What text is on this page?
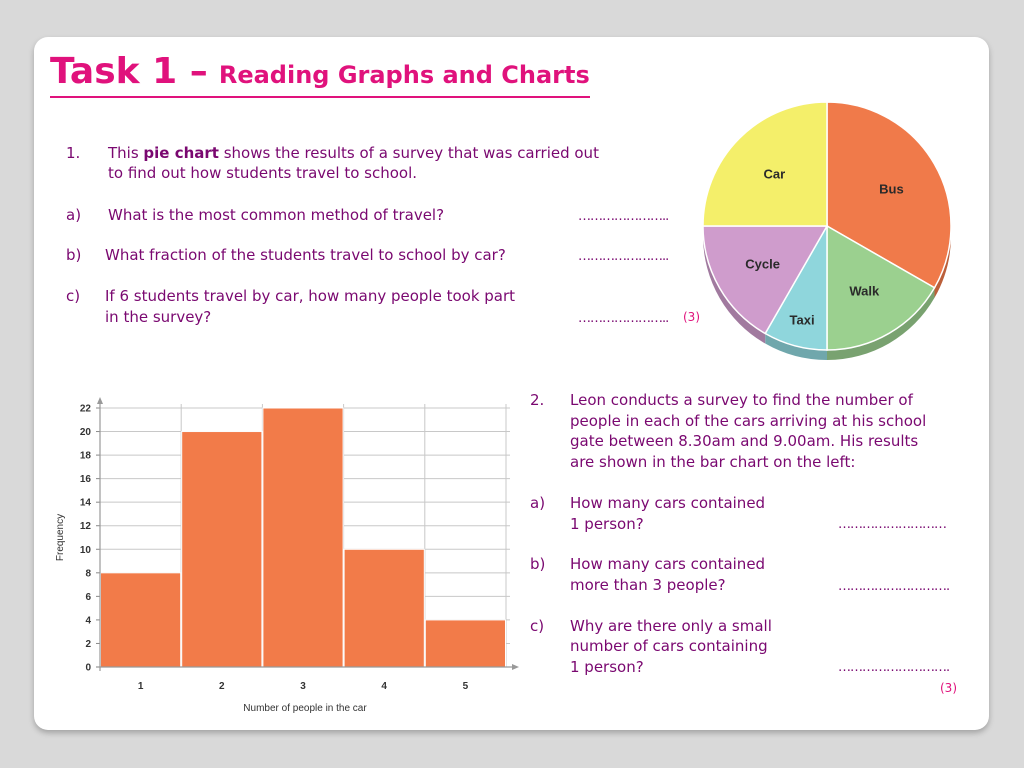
Task 1 – Reading Graphs and Charts
1. This pie chart shows the results of a survey that was carried out
to find out how students travel to school.
a) What is the most common method of travel?	…………………..
b) What fraction of the students travel to school by car?	…………………..
c) If 6 students travel by car, how many people took part
in the survey?	………………….. (3)
Bus
Walk
Taxi
Cycle
Car
0
2
4
6
8
10
12
14
16
18
20
22
1	2	3	4	5
Number of people in the car
Frequency
2. Leon conducts a survey to find the number of
people in each of the cars arriving at his school
gate between 8.30am and 9.00am. His results
are shown in the bar chart on the left:
a) How many cars contained
1 person?	………………………
b) How many cars contained
more than 3 people?	……………………….
c) Why are there only a small
number of cars containing
1 person?	……………………….
(3)
